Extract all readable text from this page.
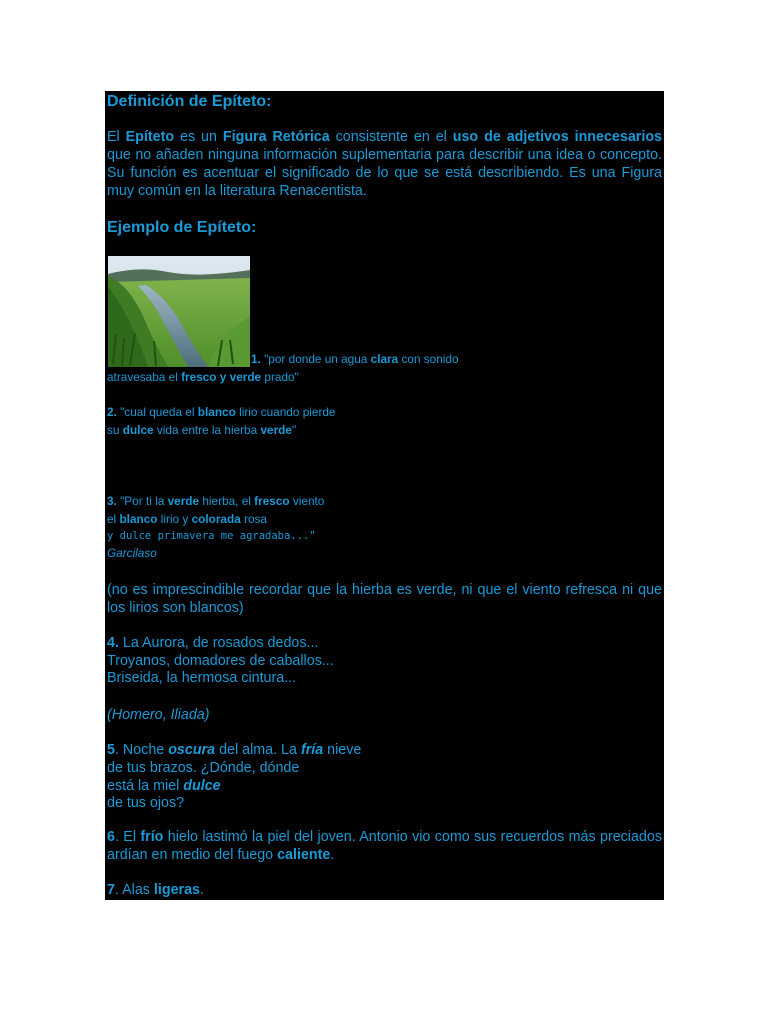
Definición de Epíteto:

El Epíteto es un Figura Retórica consistente en el uso de adjetivos innecesarios que no añaden ninguna información suplementaria para describir una idea o concepto. Su función es acentuar el significado de lo que se está describiendo. Es una Figura muy común en la literatura Renacentista.

Ejemplo de Epíteto:

1. "por donde un agua clara con sonido

atravesaba el fresco y verde prado"

2. "cual queda el blanco lirio cuando pierde

su dulce vida entre la hierba verde"

3. "Por ti la verde hierba, el fresco viento

el blanco lirio y colorada rosa

y dulce primavera me agradaba..."

Garcilaso

(no es imprescindible recordar que la hierba es verde, ni que el viento refresca ni que los lirios son blancos)

4. La Aurora, de rosados dedos...

Troyanos, domadores de caballos...

Briseida, la hermosa cintura...

(Homero, Iliada)

5. Noche oscura del alma. La fría nieve

de tus brazos. ¿Dónde, dónde

está la miel dulce

de tus ojos?

6. El frío hielo lastimó la piel del joven. Antonio vio como sus recuerdos más preciados ardían en medio del fuego caliente.

7. Alas ligeras.
